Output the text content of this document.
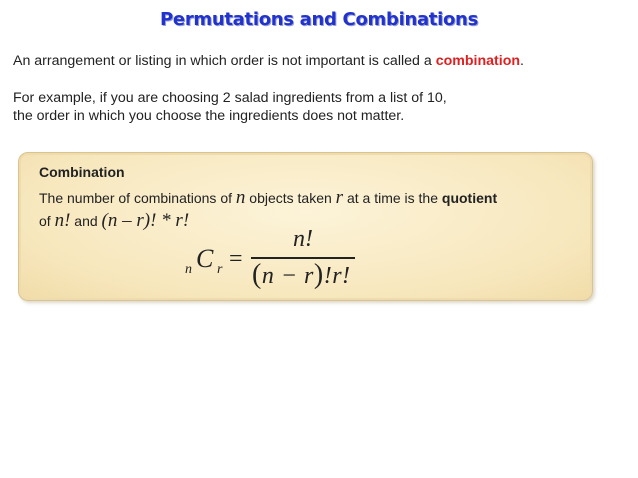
Permutations and Combinations
An arrangement or listing in which order is not important is called a combination.
For example, if you are choosing 2 salad ingredients from a list of 10,
the order in which you choose the ingredients does not matter.
Combination
The number of combinations of n objects taken r at a time is the quotient
of n! and (n – r)! * r!
n C r =
n!
(n − r)!r!
